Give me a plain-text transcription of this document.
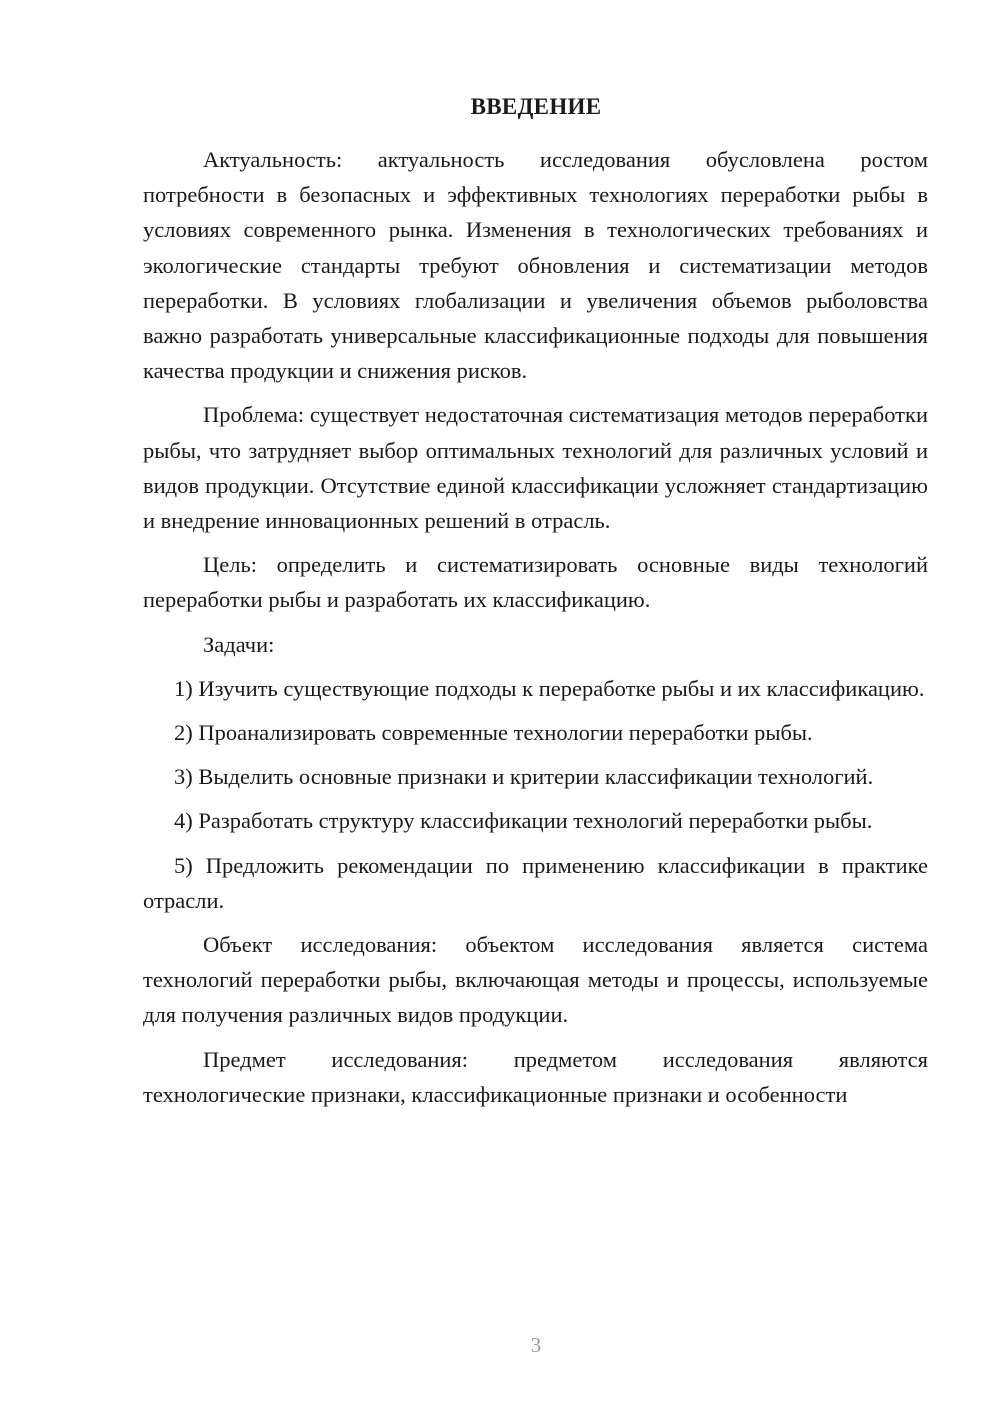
ВВЕДЕНИЕ

Актуальность: актуальность исследования обусловлена ростом потребности в безопасных и эффективных технологиях переработки рыбы в условиях современного рынка. Изменения в технологических требованиях и экологические стандарты требуют обновления и систематизации методов переработки. В условиях глобализации и увеличения объемов рыболовства важно разработать универсальные классификационные подходы для повышения качества продукции и снижения рисков.

Проблема: существует недостаточная систематизация методов переработки рыбы, что затрудняет выбор оптимальных технологий для различных условий и видов продукции. Отсутствие единой классификации усложняет стандартизацию и внедрение инновационных решений в отрасль.

Цель: определить и систематизировать основные виды технологий переработки рыбы и разработать их классификацию.

Задачи:

1) Изучить существующие подходы к переработке рыбы и их классификацию.

2) Проанализировать современные технологии переработки рыбы.

3) Выделить основные признаки и критерии классификации технологий.

4) Разработать структуру классификации технологий переработки рыбы.

5) Предложить рекомендации по применению классификации в практике отрасли.

Объект исследования: объектом исследования является система технологий переработки рыбы, включающая методы и процессы, используемые для получения различных видов продукции.

Предмет исследования: предметом исследования являются технологические признаки, классификационные признаки и особенности

3
